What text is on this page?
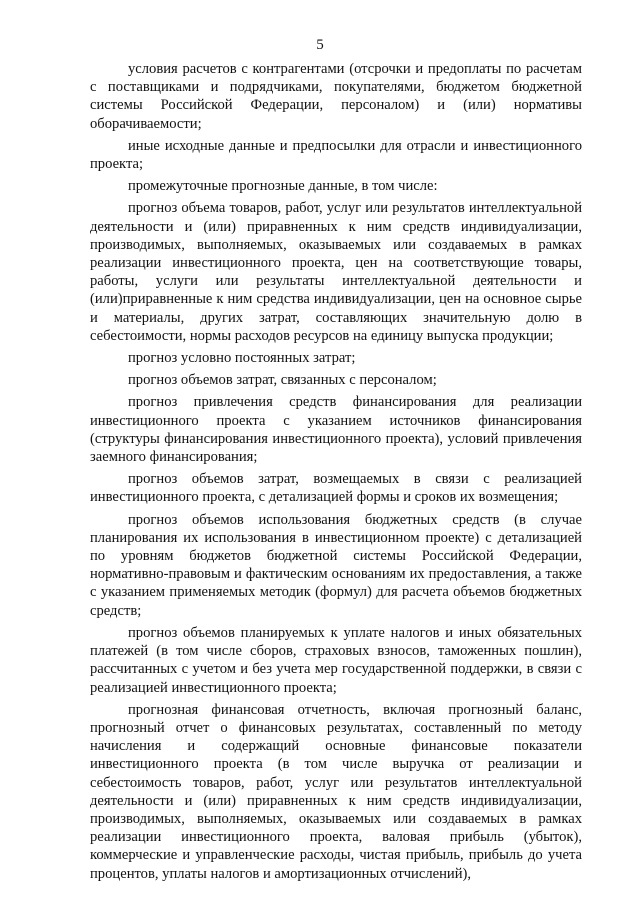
5

условия расчетов с контрагентами (отсрочки и предоплаты по расчетам с поставщиками и подрядчиками, покупателями, бюджетом бюджетной системы Российской Федерации, персоналом) и (или) нормативы оборачиваемости;

иные исходные данные и предпосылки для отрасли и инвестиционного проекта;

промежуточные прогнозные данные, в том числе:

прогноз объема товаров, работ, услуг или результатов интеллектуальной деятельности и (или) приравненных к ним средств индивидуализации, производимых, выполняемых, оказываемых или создаваемых в рамках реализации инвестиционного проекта, цен на соответствующие товары, работы, услуги или результаты интеллектуальной деятельности и (или)приравненные к ним средства индивидуализации, цен на основное сырье и материалы, других затрат, составляющих значительную долю в себестоимости, нормы расходов ресурсов на единицу выпуска продукции;

прогноз условно постоянных затрат;

прогноз объемов затрат, связанных с персоналом;

прогноз привлечения средств финансирования для реализации инвестиционного проекта с указанием источников финансирования (структуры финансирования инвестиционного проекта), условий привлечения заемного финансирования;

прогноз объемов затрат, возмещаемых в связи с реализацией инвестиционного проекта, с детализацией формы и сроков их возмещения;

прогноз объемов использования бюджетных средств (в случае планирования их использования в инвестиционном проекте) с детализацией по уровням бюджетов бюджетной системы Российской Федерации, нормативно-правовым и фактическим основаниям их предоставления, а также с указанием применяемых методик (формул) для расчета объемов бюджетных средств;

прогноз объемов планируемых к уплате налогов и иных обязательных платежей (в том числе сборов, страховых взносов, таможенных пошлин), рассчитанных с учетом и без учета мер государственной поддержки, в связи с реализацией инвестиционного проекта;

прогнозная финансовая отчетность, включая прогнозный баланс, прогнозный отчет о финансовых результатах, составленный по методу начисления и содержащий основные финансовые показатели инвестиционного проекта (в том числе выручка от реализации и себестоимость товаров, работ, услуг или результатов интеллектуальной деятельности и (или) приравненных к ним средств индивидуализации, производимых, выполняемых, оказываемых или создаваемых в рамках реализации инвестиционного проекта, валовая прибыль (убыток), коммерческие и управленческие расходы, чистая прибыль, прибыль до учета процентов, уплаты налогов и амортизационных отчислений),
